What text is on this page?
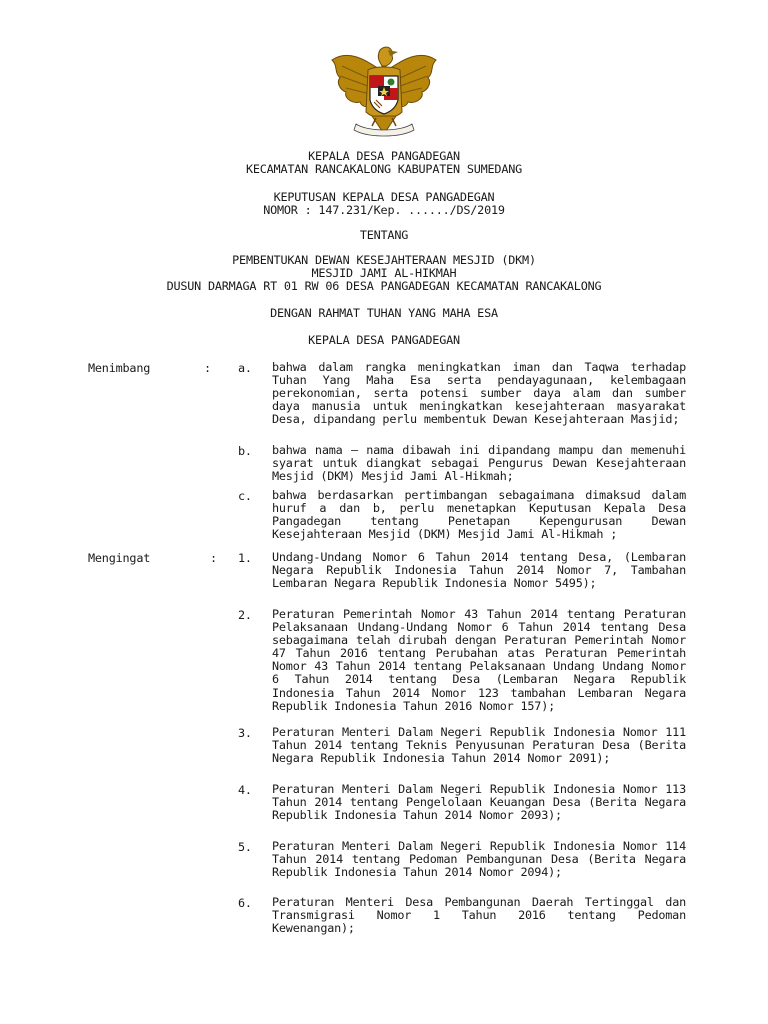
KEPALA DESA PANGADEGAN
KECAMATAN RANCAKALONG KABUPATEN SUMEDANG
KEPUTUSAN KEPALA DESA PANGADEGAN
NOMOR : 147.231/Kep. ....../DS/2019
TENTANG
PEMBENTUKAN DEWAN KESEJAHTERAAN MESJID (DKM)
MESJID JAMI AL-HIKMAH
DUSUN DARMAGA RT 01 RW 06 DESA PANGADEGAN KECAMATAN RANCAKALONG
DENGAN RAHMAT TUHAN YANG MAHA ESA
KEPALA DESA PANGADEGAN
Menimbang	: a. bahwa dalam rangka meningkatkan iman dan Taqwa terhadap Tuhan Yang Maha Esa serta pendayagunaan, kelembagaan perekonomian, serta potensi sumber daya alam dan sumber daya manusia untuk meningkatkan kesejahteraan masyarakat Desa, dipandang perlu membentuk Dewan Kesejahteraan Masjid;
b. bahwa nama – nama dibawah ini dipandang mampu dan memenuhi syarat untuk diangkat sebagai Pengurus Dewan Kesejahteraan Mesjid (DKM) Mesjid Jami Al-Hikmah;
c. bahwa berdasarkan pertimbangan sebagaimana dimaksud dalam huruf a dan b, perlu menetapkan Keputusan Kepala Desa Pangadegan tentang Penetapan Kepengurusan Dewan Kesejahteraan Mesjid (DKM) Mesjid Jami Al-Hikmah ;
Mengingat	: 1. Undang-Undang Nomor 6 Tahun 2014 tentang Desa, (Lembaran Negara Republik Indonesia Tahun 2014 Nomor 7, Tambahan Lembaran Negara Republik Indonesia Nomor 5495);
2. Peraturan Pemerintah Nomor 43 Tahun 2014 tentang Peraturan Pelaksanaan Undang-Undang Nomor 6 Tahun 2014 tentang Desa sebagaimana telah dirubah dengan Peraturan Pemerintah Nomor 47 Tahun 2016 tentang Perubahan atas Peraturan Pemerintah Nomor 43 Tahun 2014 tentang Pelaksanaan Undang Undang Nomor 6 Tahun 2014 tentang Desa (Lembaran Negara Republik Indonesia Tahun 2014 Nomor 123 tambahan Lembaran Negara Republik Indonesia Tahun 2016 Nomor 157);
3. Peraturan Menteri Dalam Negeri Republik Indonesia Nomor 111 Tahun 2014 tentang Teknis Penyusunan Peraturan Desa (Berita Negara Republik Indonesia Tahun 2014 Nomor 2091);
4. Peraturan Menteri Dalam Negeri Republik Indonesia Nomor 113 Tahun 2014 tentang Pengelolaan Keuangan Desa (Berita Negara Republik Indonesia Tahun 2014 Nomor 2093);
5. Peraturan Menteri Dalam Negeri Republik Indonesia Nomor 114 Tahun 2014 tentang Pedoman Pembangunan Desa (Berita Negara Republik Indonesia Tahun 2014 Nomor 2094);
6. Peraturan Menteri Desa Pembangunan Daerah Tertinggal dan Transmigrasi Nomor 1 Tahun 2016 tentang Pedoman Kewenangan);
